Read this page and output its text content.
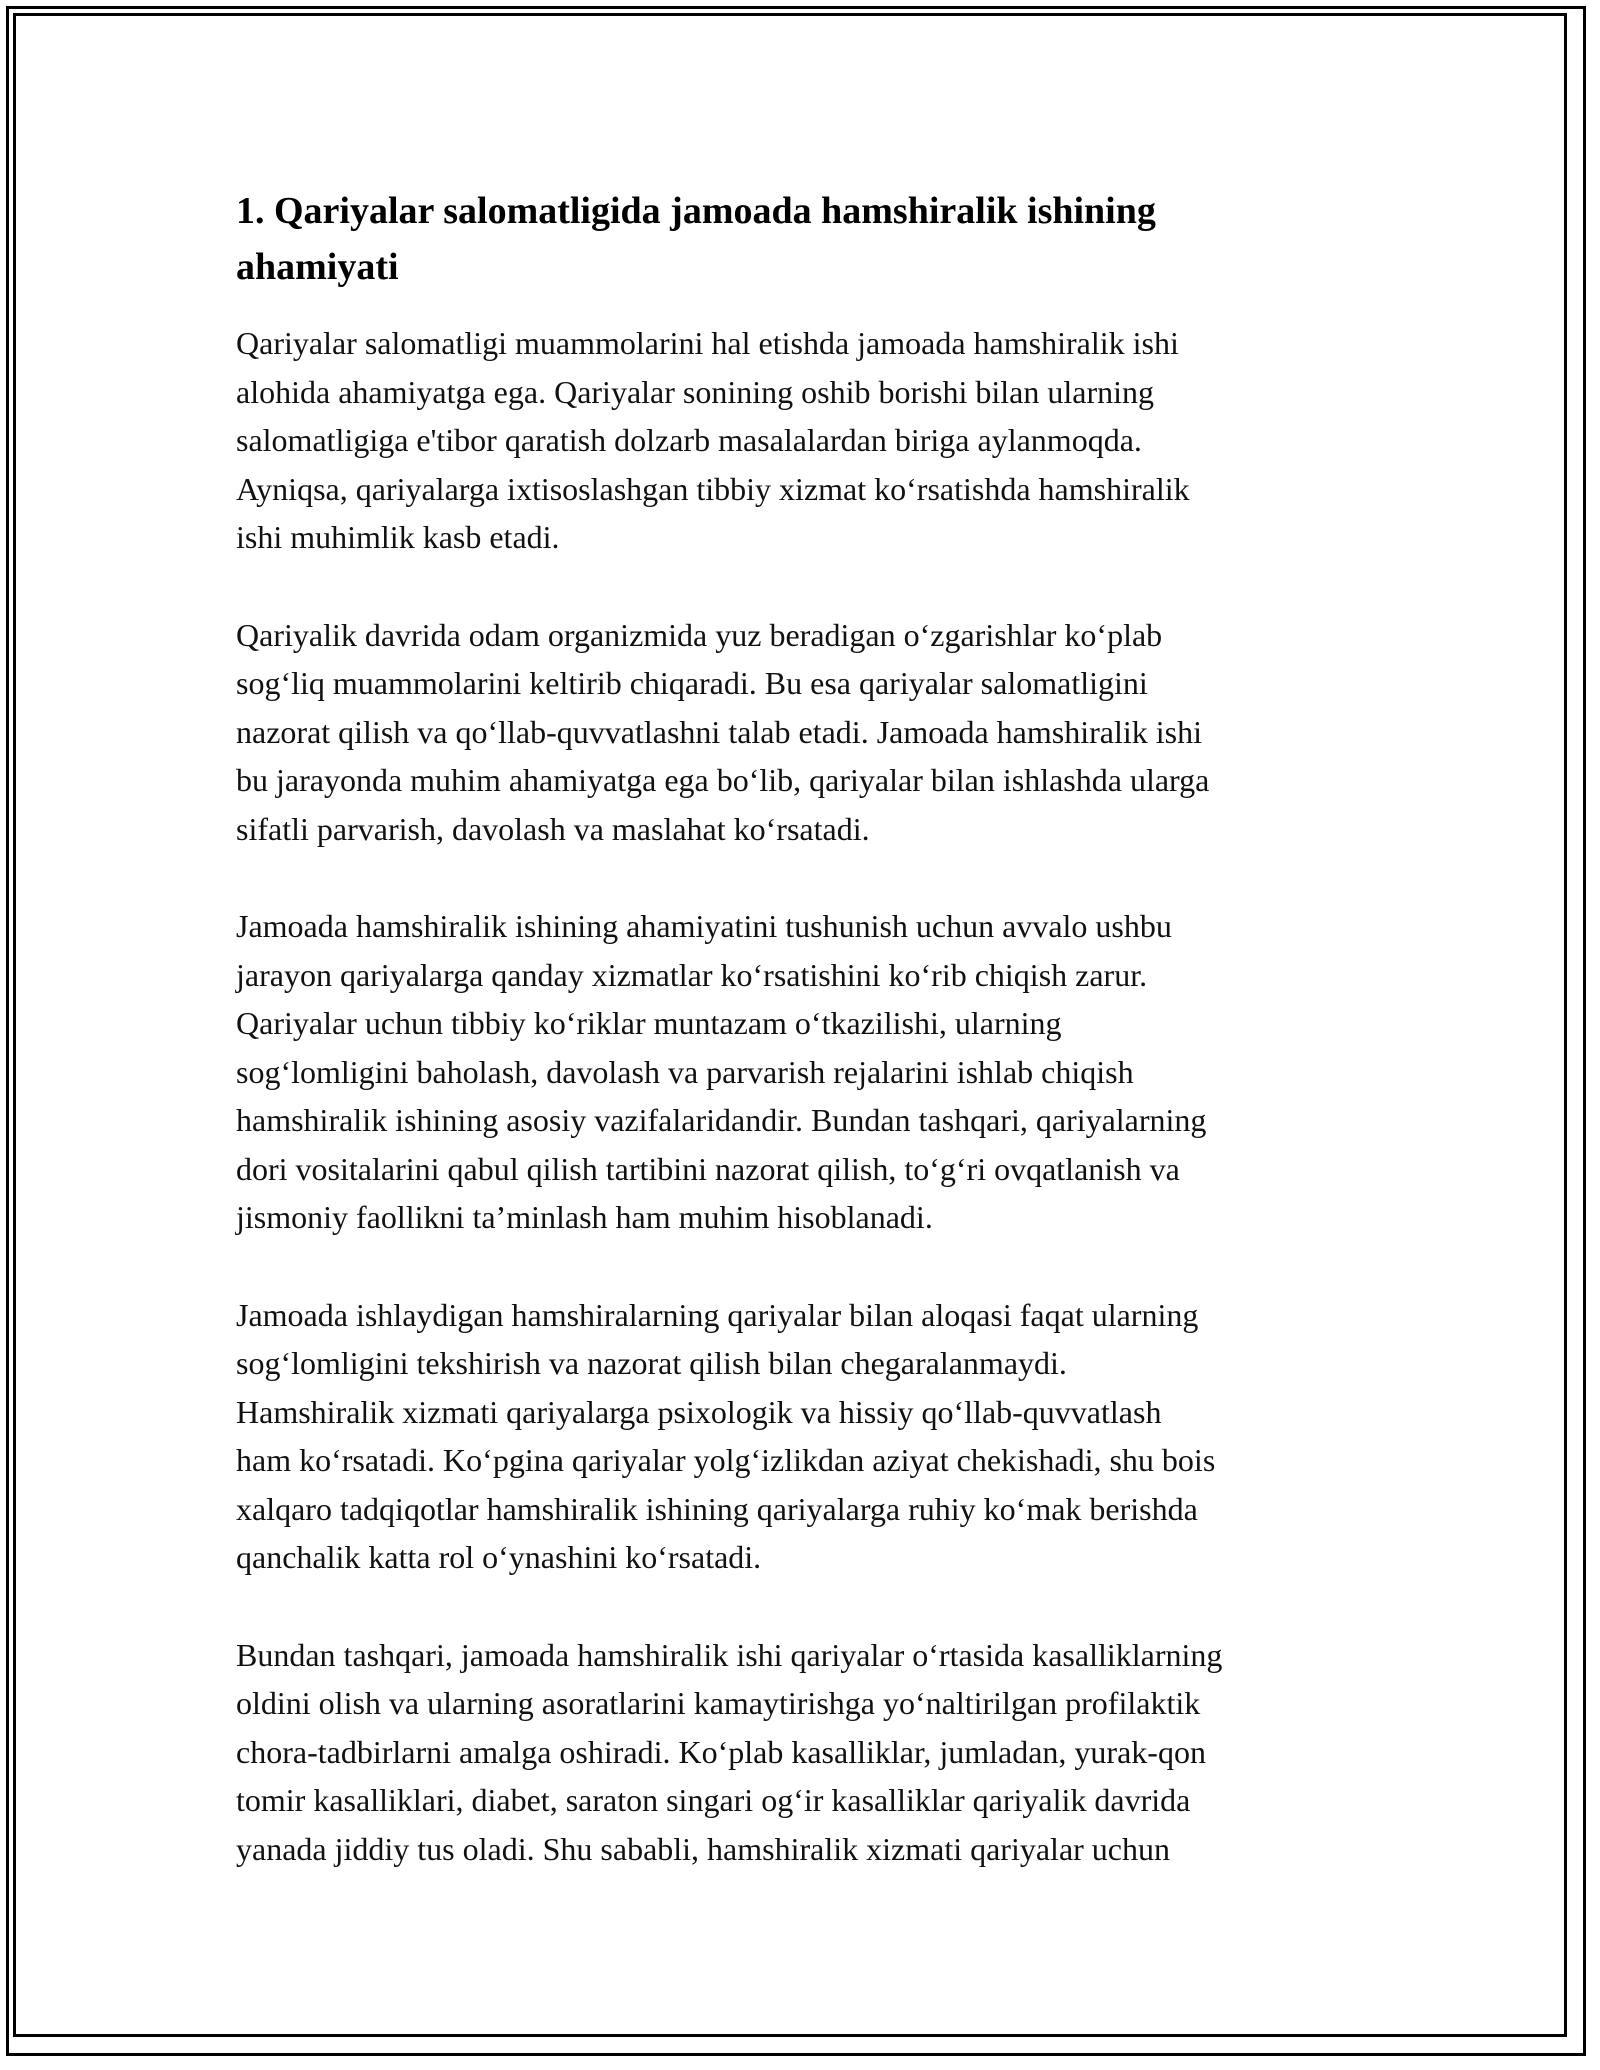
1. Qariyalar salomatligida jamoada hamshiralik ishining
ahamiyati

Qariyalar salomatligi muammolarini hal etishda jamoada hamshiralik ishi
alohida ahamiyatga ega. Qariyalar sonining oshib borishi bilan ularning
salomatligiga e'tibor qaratish dolzarb masalalardan biriga aylanmoqda.
Ayniqsa, qariyalarga ixtisoslashgan tibbiy xizmat koʻrsatishda hamshiralik
ishi muhimlik kasb etadi.

Qariyalik davrida odam organizmida yuz beradigan oʻzgarishlar koʻplab
sogʻliq muammolarini keltirib chiqaradi. Bu esa qariyalar salomatligini
nazorat qilish va qoʻllab-quvvatlashni talab etadi. Jamoada hamshiralik ishi
bu jarayonda muhim ahamiyatga ega boʻlib, qariyalar bilan ishlashda ularga
sifatli parvarish, davolash va maslahat koʻrsatadi.

Jamoada hamshiralik ishining ahamiyatini tushunish uchun avvalo ushbu
jarayon qariyalarga qanday xizmatlar koʻrsatishini koʻrib chiqish zarur.
Qariyalar uchun tibbiy koʻriklar muntazam oʻtkazilishi, ularning
sogʻlomligini baholash, davolash va parvarish rejalarini ishlab chiqish
hamshiralik ishining asosiy vazifalaridandir. Bundan tashqari, qariyalarning
dori vositalarini qabul qilish tartibini nazorat qilish, toʻgʻri ovqatlanish va
jismoniy faollikni taʼminlash ham muhim hisoblanadi.

Jamoada ishlaydigan hamshiralarning qariyalar bilan aloqasi faqat ularning
sogʻlomligini tekshirish va nazorat qilish bilan chegaralanmaydi.
Hamshiralik xizmati qariyalarga psixologik va hissiy qoʻllab-quvvatlash
ham koʻrsatadi. Koʻpgina qariyalar yolgʻizlikdan aziyat chekishadi, shu bois
xalqaro tadqiqotlar hamshiralik ishining qariyalarga ruhiy koʻmak berishda
qanchalik katta rol oʻynashini koʻrsatadi.

Bundan tashqari, jamoada hamshiralik ishi qariyalar oʻrtasida kasalliklarning
oldini olish va ularning asoratlarini kamaytirishga yoʻnaltirilgan profilaktik
chora-tadbirlarni amalga oshiradi. Koʻplab kasalliklar, jumladan, yurak-qon
tomir kasalliklari, diabet, saraton singari ogʻir kasalliklar qariyalik davrida
yanada jiddiy tus oladi. Shu sababli, hamshiralik xizmati qariyalar uchun
